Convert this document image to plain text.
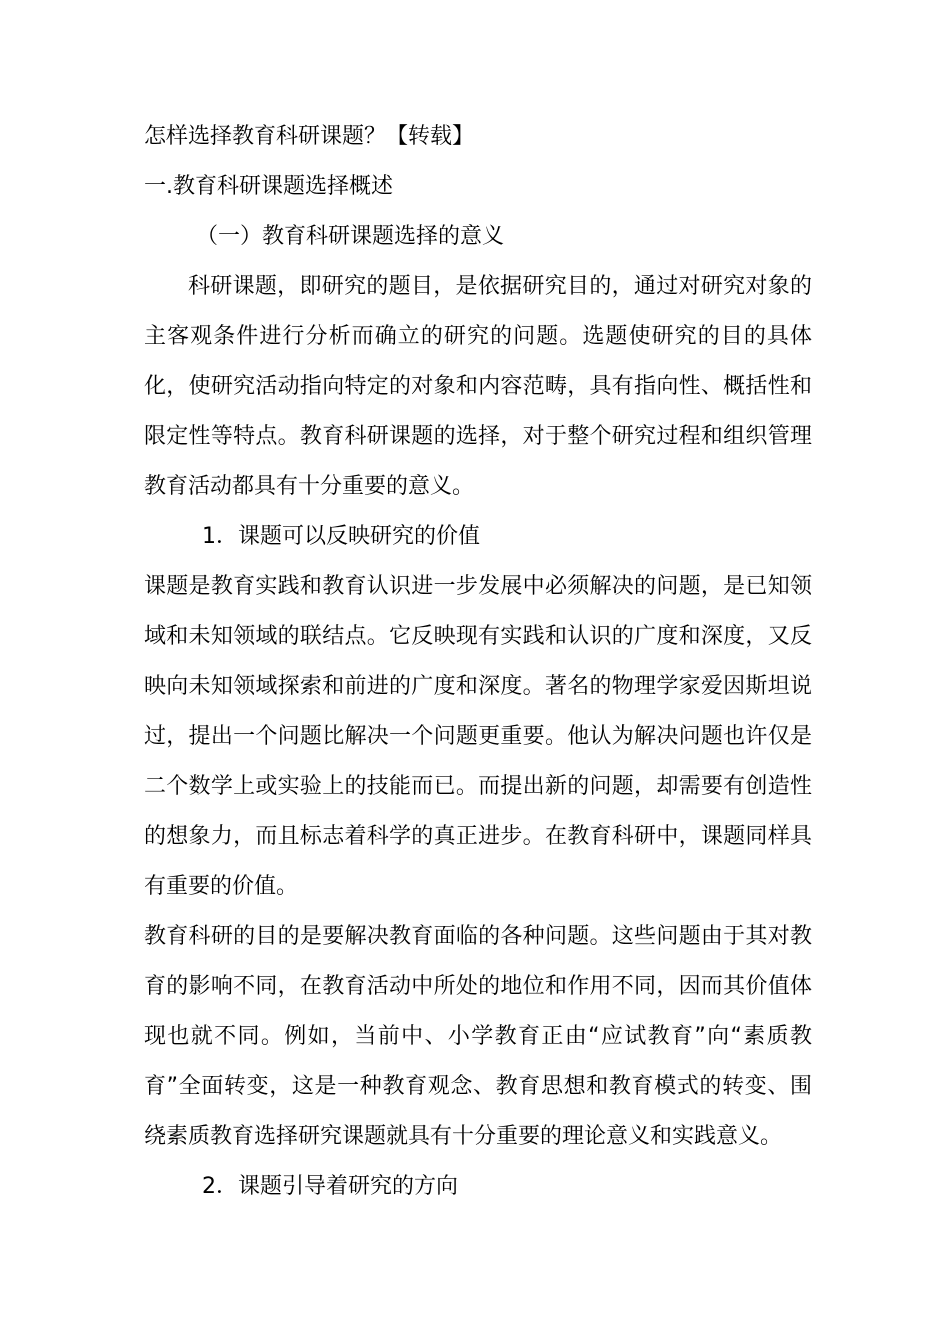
怎样选择教育科研课题？【转载】
一.教育科研课题选择概述
（一）教育科研课题选择的意义

科研课题，即研究的题目，是依据研究目的，通过对研究对象的主客观条件进行分析而确立的研究的问题。选题使研究的目的具体化，使研究活动指向特定的对象和内容范畴，具有指向性、概括性和限定性等特点。教育科研课题的选择，对于整个研究过程和组织管理教育活动都具有十分重要的意义。

1．课题可以反映研究的价值

课题是教育实践和教育认识进一步发展中必须解决的问题，是已知领域和未知领域的联结点。它反映现有实践和认识的广度和深度，又反映向未知领域探索和前进的广度和深度。著名的物理学家爱因斯坦说过，提出一个问题比解决一个问题更重要。他认为解决问题也许仅是二个数学上或实验上的技能而已。而提出新的问题，却需要有创造性的想象力，而且标志着科学的真正进步。在教育科研中，课题同样具有重要的价值。

教育科研的目的是要解决教育面临的各种问题。这些问题由于其对教育的影响不同，在教育活动中所处的地位和作用不同，因而其价值体现也就不同。例如，当前中、小学教育正由“应试教育”向“素质教育”全面转变，这是一种教育观念、教育思想和教育模式的转变、围绕素质教育选择研究课题就具有十分重要的理论意义和实践意义。

2．课题引导着研究的方向
